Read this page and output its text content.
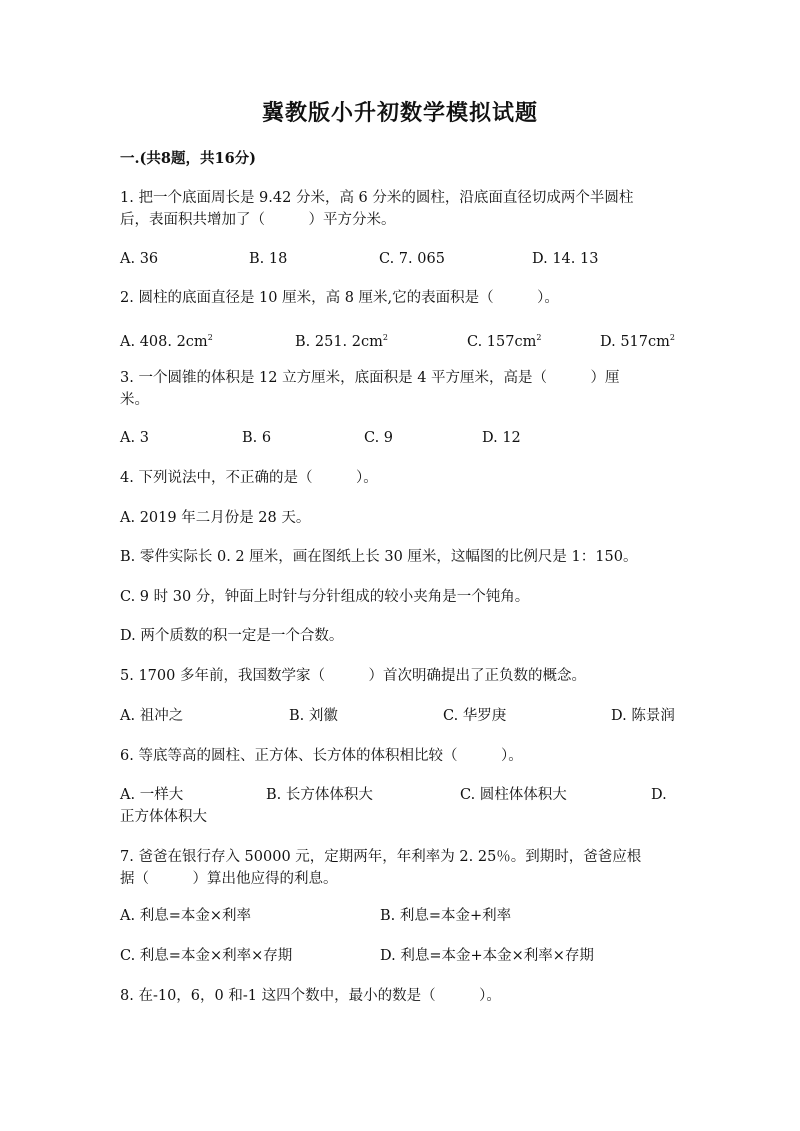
冀教版小升初数学模拟试题
一.(共8题，共16分)
1. 把一个底面周长是 9.42 分米，高 6 分米的圆柱，沿底面直径切成两个半圆柱
后，表面积共增加了（　　　）平方分米。
A. 36	B. 18	C. 7. 065	D. 14. 13
2. 圆柱的底面直径是 10 厘米，高 8 厘米,它的表面积是（　　　）。
A. 408. $2cm^2$	B. 251. $2cm^2$	C. $157cm^2$	D. $517cm^2$
3. 一个圆锥的体积是 12 立方厘米，底面积是 4 平方厘米，高是（　　　）厘
米。
A. 3	B. 6	C. 9	D. 12
4. 下列说法中，不正确的是（　　　）。
A. 2019 年二月份是 28 天。
B. 零件实际长 0. 2 厘米，画在图纸上长 30 厘米，这幅图的比例尺是 1：150。
C. 9 时 30 分，钟面上时针与分针组成的较小夹角是一个钝角。
D. 两个质数的积一定是一个合数。
5. 1700 多年前，我国数学家（　　　）首次明确提出了正负数的概念。
A. 祖冲之	B. 刘徽	C. 华罗庚	D. 陈景润
6. 等底等高的圆柱、正方体、长方体的体积相比较（　　　）。
A. 一样大	B. 长方体体积大	C. 圆柱体体积大	D.
正方体体积大
7. 爸爸在银行存入 50000 元，定期两年，年利率为 2. 25％。到期时，爸爸应根
据（　　　）算出他应得的利息。
A. 利息=本金×利率	B. 利息=本金+利率
C. 利息=本金×利率×存期	D. 利息=本金+本金×利率×存期
8. 在-10，6，0 和-1 这四个数中，最小的数是（　　　）。
